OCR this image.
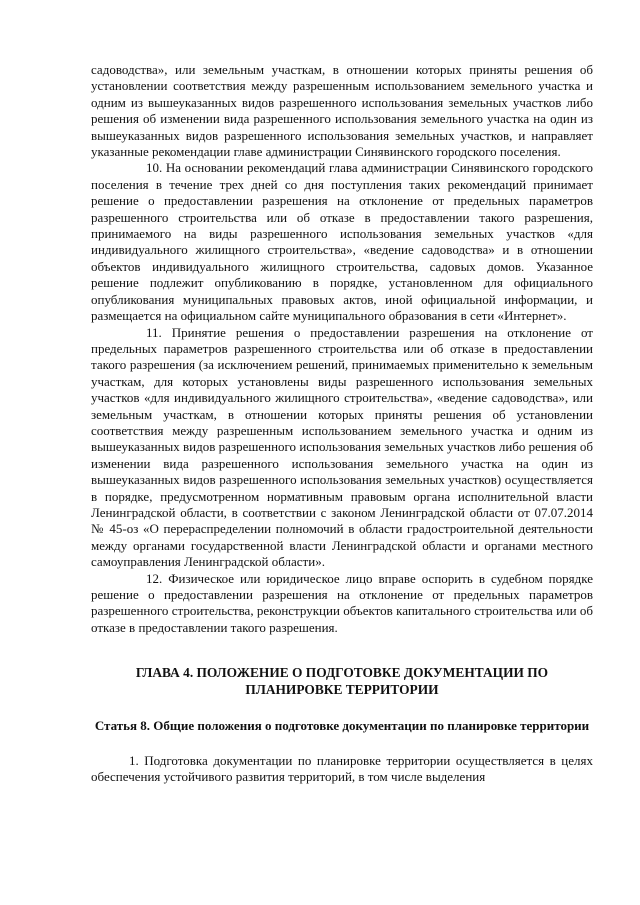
садоводства», или земельным участкам, в отношении которых приняты решения об установлении соответствия между разрешенным использованием земельного участка и одним из вышеуказанных видов разрешенного использования земельных участков либо решения об изменении вида разрешенного использования земельного участка на один из вышеуказанных видов разрешенного использования земельных участков, и направляет указанные рекомендации главе администрации Синявинского городского поселения.

10. На основании рекомендаций глава администрации Синявинского городского поселения в течение трех дней со дня поступления таких рекомендаций принимает решение о предоставлении разрешения на отклонение от предельных параметров разрешенного строительства или об отказе в предоставлении такого разрешения, принимаемого на виды разрешенного использования земельных участков «для индивидуального жилищного строительства», «ведение садоводства» и в отношении объектов индивидуального жилищного строительства, садовых домов. Указанное решение подлежит опубликованию в порядке, установленном для официального опубликования муниципальных правовых актов, иной официальной информации, и размещается на официальном сайте муниципального образования в сети «Интернет».

11. Принятие решения о предоставлении разрешения на отклонение от предельных параметров разрешенного строительства или об отказе в предоставлении такого разрешения (за исключением решений, принимаемых применительно к земельным участкам, для которых установлены виды разрешенного использования земельных участков «для индивидуального жилищного строительства», «ведение садоводства», или земельным участкам, в отношении которых приняты решения об установлении соответствия между разрешенным использованием земельного участка и одним из вышеуказанных видов разрешенного использования земельных участков либо решения об изменении вида разрешенного использования земельного участка на один из вышеуказанных видов разрешенного использования земельных участков) осуществляется в порядке, предусмотренном нормативным правовым органа исполнительной власти Ленинградской области, в соответствии с законом Ленинградской области от 07.07.2014 № 45-оз «О перераспределении полномочий в области градостроительной деятельности между органами государственной власти Ленинградской области и органами местного самоуправления Ленинградской области».

12. Физическое или юридическое лицо вправе оспорить в судебном порядке решение о предоставлении разрешения на отклонение от предельных параметров разрешенного строительства, реконструкции объектов капитального строительства или об отказе в предоставлении такого разрешения.

ГЛАВА 4. ПОЛОЖЕНИЕ О ПОДГОТОВКЕ ДОКУМЕНТАЦИИ ПО ПЛАНИРОВКЕ ТЕРРИТОРИИ
Статья 8. Общие положения о подготовке документации по планировке территории

1. Подготовка документации по планировке территории осуществляется в целях обеспечения устойчивого развития территорий, в том числе выделения
